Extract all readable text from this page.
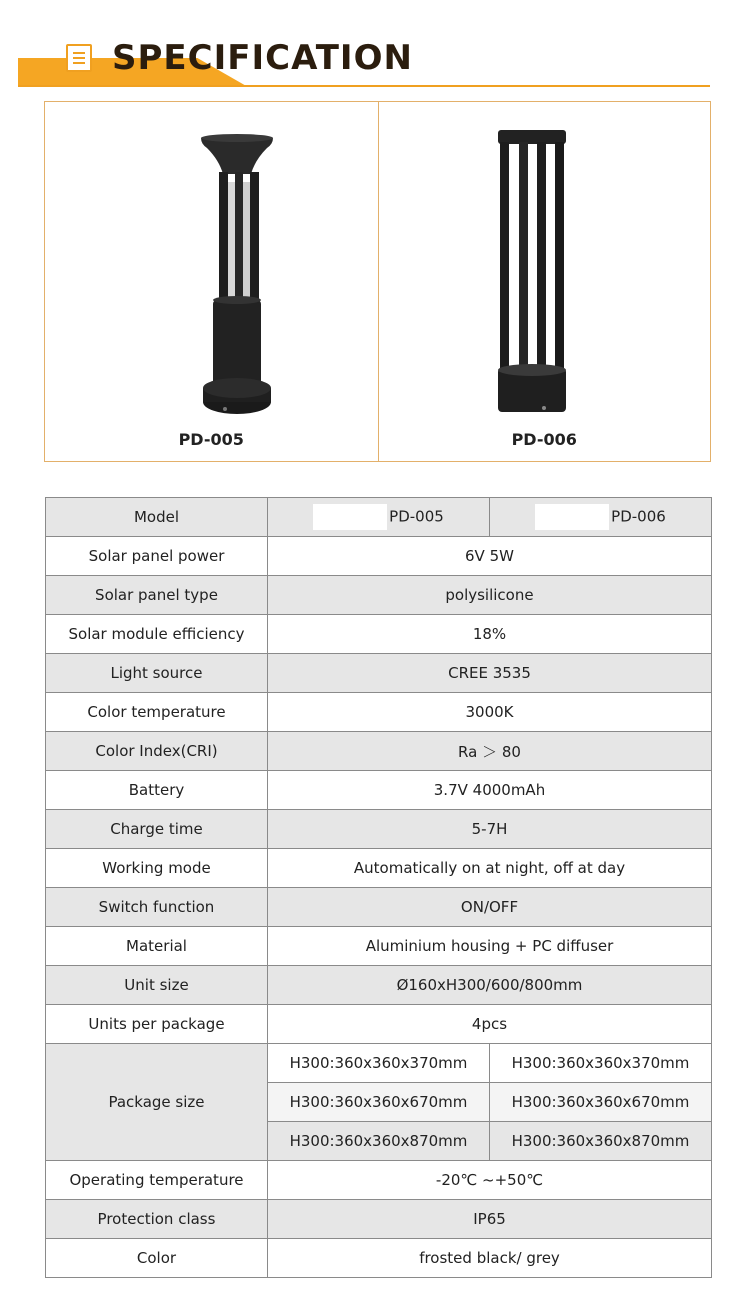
SPECIFICATION
PD-005	PD-006
Model	PD-005	PD-006
Solar panel power	6V 5W	
Solar panel type	polysilicone	
Solar module efficiency	18%	
Light source	CREE 3535	
Color temperature	3000K	
Color Index(CRI)	Ra ＞ 80	
Battery	3.7V 4000mAh	
Charge time	5-7H	
Working mode	Automatically on at night, off at day	
Switch function	ON/OFF	
Material	Aluminium housing + PC diffuser	
Unit size	Ø160xH300/600/800mm	
Units per package	4pcs	
Package size	H300:360x360x370mm	H300:360x360x370mm
	H300:360x360x670mm	H300:360x360x670mm
	H300:360x360x870mm	H300:360x360x870mm
Operating temperature	-20℃ ~+50℃	
Protection class	IP65	
Color	frosted black/ grey	
